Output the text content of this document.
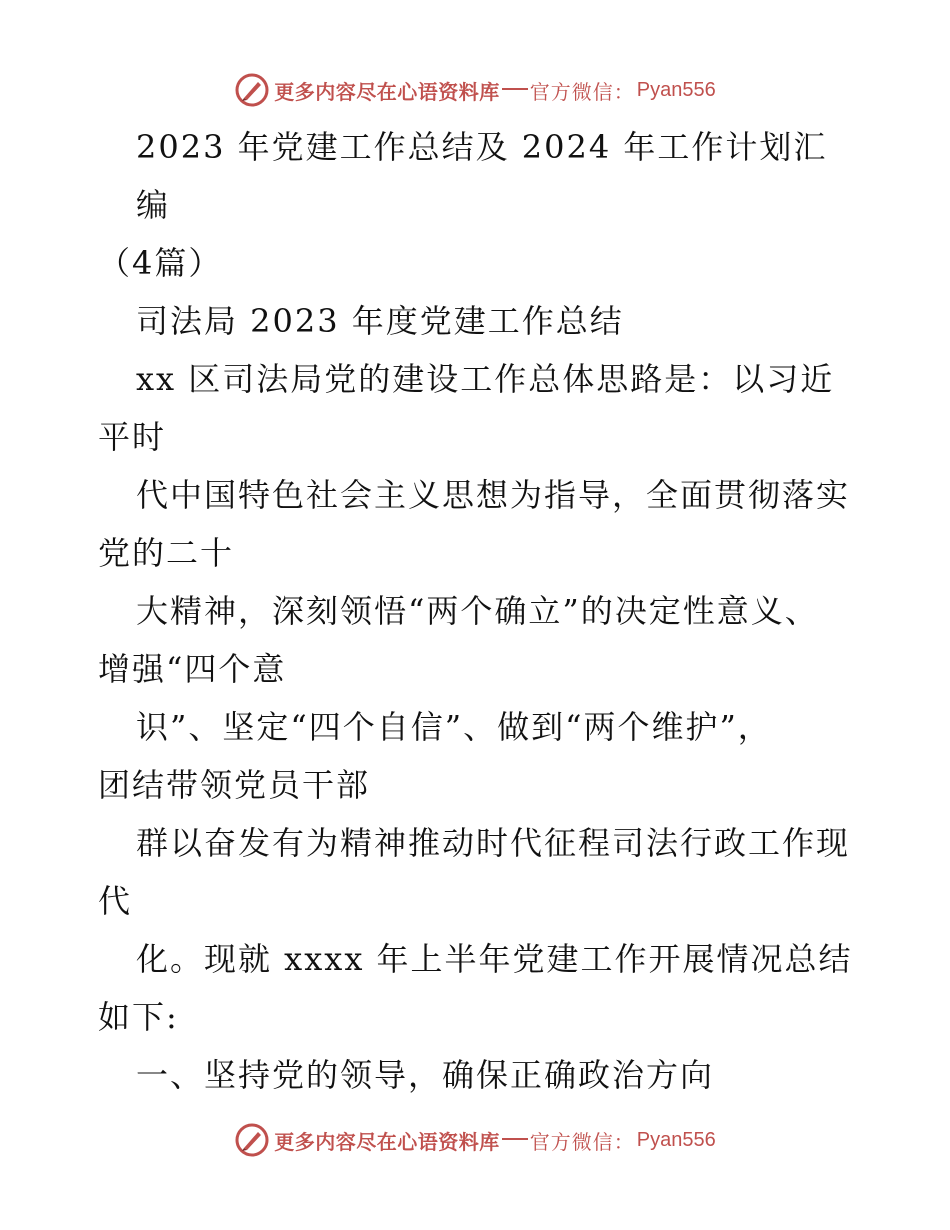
更多内容尽在心语资料库 官方微信： Pyan556

2023 年党建工作总结及 2024 年工作计划汇编

（4篇）

司法局 2023 年度党建工作总结

xx 区司法局党的建设工作总体思路是：以习近

平时

代中国特色社会主义思想为指导，全面贯彻落实

党的二十

大精神，深刻领悟“两个确立”的决定性意义、

增强“四个意

识”、坚定“四个自信”、做到“两个维护”，

团结带领党员干部

群以奋发有为精神推动时代征程司法行政工作现

代

化。现就 xxxx 年上半年党建工作开展情况总结

如下:

一、坚持党的领导，确保正确政治方向

更多内容尽在心语资料库 官方微信： Pyan556
